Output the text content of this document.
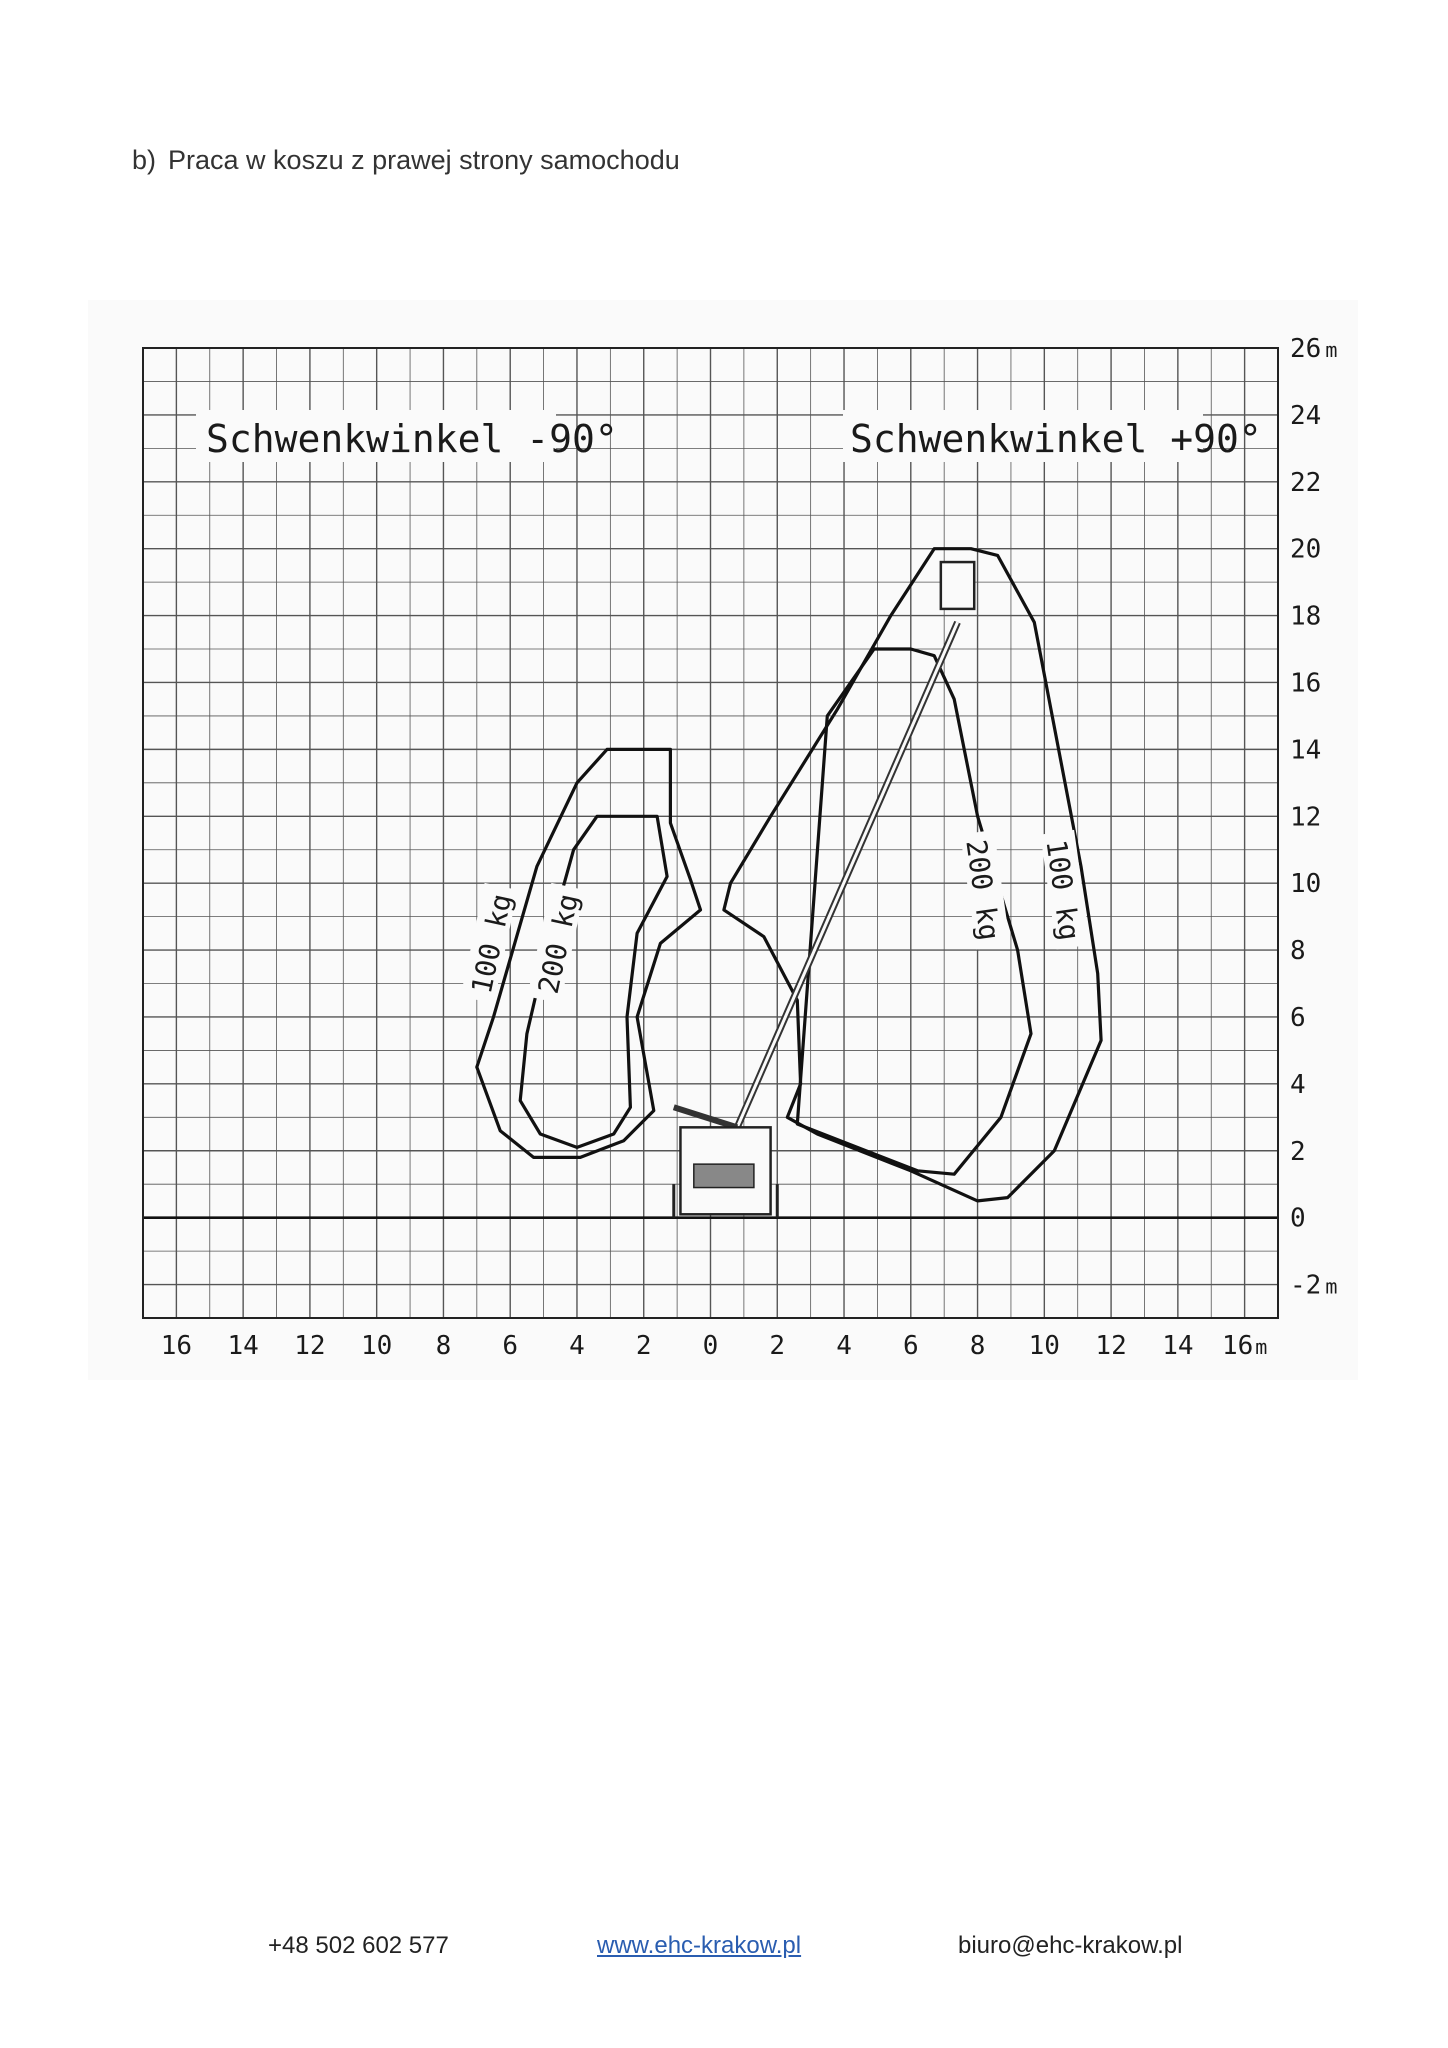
b) Praca w koszu z prawej strony samochodu
100 kg 200 kg
100 kg
200 kg
26 m
24
22
20
18
16
14
12
10
8
6
4
2
0
-2 m
16 14 12 10 8 6 4 2 0 2 4 6 8 10 12 14 16 m
Schwenkwinkel -90°	Schwenkwinkel +90°
+48 502 602 577	www.ehc-krakow.pl	biuro@ehc-krakow.pl
